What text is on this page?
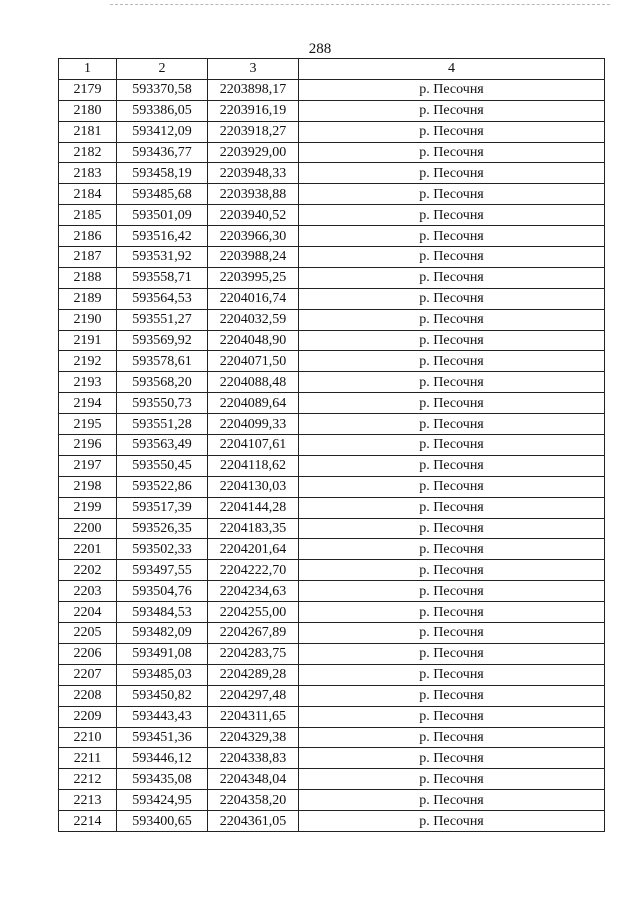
288
1	2	3	4
2179	593370,58	2203898,17	р. Песочня
2180	593386,05	2203916,19	р. Песочня
2181	593412,09	2203918,27	р. Песочня
2182	593436,77	2203929,00	р. Песочня
2183	593458,19	2203948,33	р. Песочня
2184	593485,68	2203938,88	р. Песочня
2185	593501,09	2203940,52	р. Песочня
2186	593516,42	2203966,30	р. Песочня
2187	593531,92	2203988,24	р. Песочня
2188	593558,71	2203995,25	р. Песочня
2189	593564,53	2204016,74	р. Песочня
2190	593551,27	2204032,59	р. Песочня
2191	593569,92	2204048,90	р. Песочня
2192	593578,61	2204071,50	р. Песочня
2193	593568,20	2204088,48	р. Песочня
2194	593550,73	2204089,64	р. Песочня
2195	593551,28	2204099,33	р. Песочня
2196	593563,49	2204107,61	р. Песочня
2197	593550,45	2204118,62	р. Песочня
2198	593522,86	2204130,03	р. Песочня
2199	593517,39	2204144,28	р. Песочня
2200	593526,35	2204183,35	р. Песочня
2201	593502,33	2204201,64	р. Песочня
2202	593497,55	2204222,70	р. Песочня
2203	593504,76	2204234,63	р. Песочня
2204	593484,53	2204255,00	р. Песочня
2205	593482,09	2204267,89	р. Песочня
2206	593491,08	2204283,75	р. Песочня
2207	593485,03	2204289,28	р. Песочня
2208	593450,82	2204297,48	р. Песочня
2209	593443,43	2204311,65	р. Песочня
2210	593451,36	2204329,38	р. Песочня
2211	593446,12	2204338,83	р. Песочня
2212	593435,08	2204348,04	р. Песочня
2213	593424,95	2204358,20	р. Песочня
2214	593400,65	2204361,05	р. Песочня
